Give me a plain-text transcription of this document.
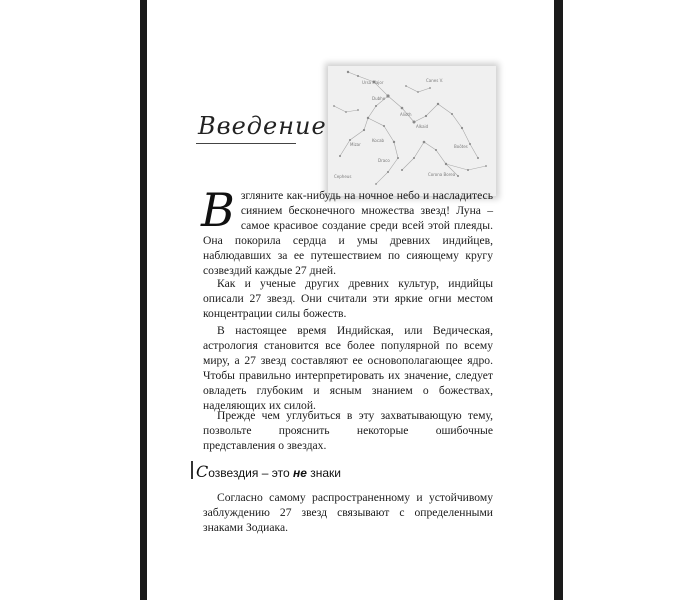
Ursa Major	Canes V.
Dubhe
Alioth
Alkaid
Mizar	Boötes
Kocab
Draco
Corona Borea
Cepheus
Введение

Взгляните как-нибудь на ночное небо и насладитесь сиянием бесконечного множества звезд! Луна – самое красивое создание среди всей этой плеяды. Она покорила сердца и умы древних индийцев, наблюдавших за ее путешествием по сияющему кругу созвездий каждые 27 дней.

Как и ученые других древних культур, индийцы описали 27 звезд. Они считали эти яркие огни местом концентрации силы божеств.

В настоящее время Индийская, или Ведическая, астрология становится все более популярной по всему миру, а 27 звезд составляют ее основополагающее ядро. Чтобы правильно интерпретировать их значение, следует овладеть глубоким и ясным знанием о божествах, наделяющих их силой.

Прежде чем углубиться в эту захватывающую тему, позвольте прояснить некоторые ошибочные представления о звездах.

Созвездия – это не знаки

Согласно самому распространенному и устойчивому заблуждению 27 звезд связывают с определенными знаками Зодиака.
